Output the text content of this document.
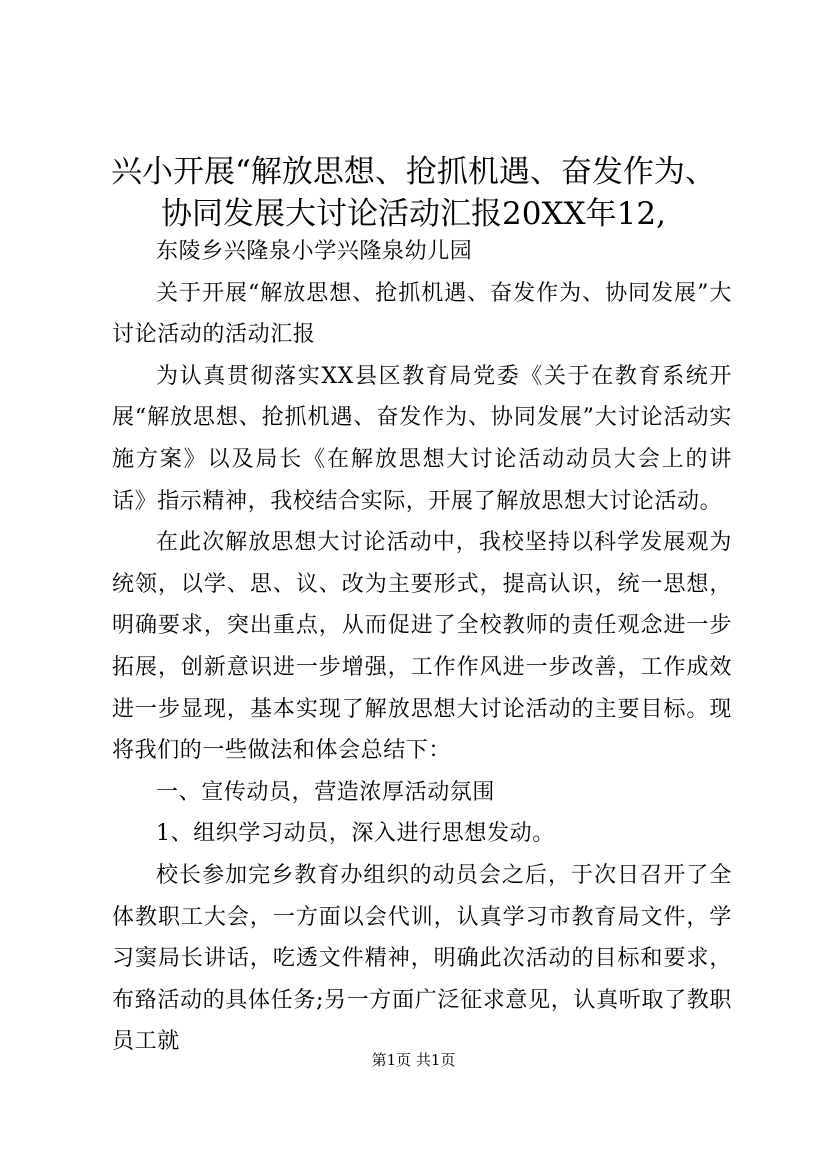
兴小开展“解放思想、抢抓机遇、奋发作为、
协同发展大讨论活动汇报20XX年12,

东陵乡兴隆泉小学兴隆泉幼儿园

关于开展“解放思想、抢抓机遇、奋发作为、协同发展”大讨论活动的活动汇报

为认真贯彻落实XX县区教育局党委《关于在教育系统开展“解放思想、抢抓机遇、奋发作为、协同发展”大讨论活动实施方案》以及局长《在解放思想大讨论活动动员大会上的讲话》指示精神，我校结合实际，开展了解放思想大讨论活动。

在此次解放思想大讨论活动中，我校坚持以科学发展观为统领，以学、思、议、改为主要形式，提高认识，统一思想，明确要求，突出重点，从而促进了全校教师的责任观念进一步拓展，创新意识进一步增强，工作作风进一步改善，工作成效进一步显现，基本实现了解放思想大讨论活动的主要目标。现将我们的一些做法和体会总结下：

一、宣传动员，营造浓厚活动氛围

1、组织学习动员，深入进行思想发动。

校长参加完乡教育办组织的动员会之后，于次日召开了全体教职工大会，一方面以会代训，认真学习市教育局文件，学习窦局长讲话，吃透文件精神，明确此次活动的目标和要求，布臵活动的具体任务;另一方面广泛征求意见，认真听取了教职员工就

第1页 共1页
